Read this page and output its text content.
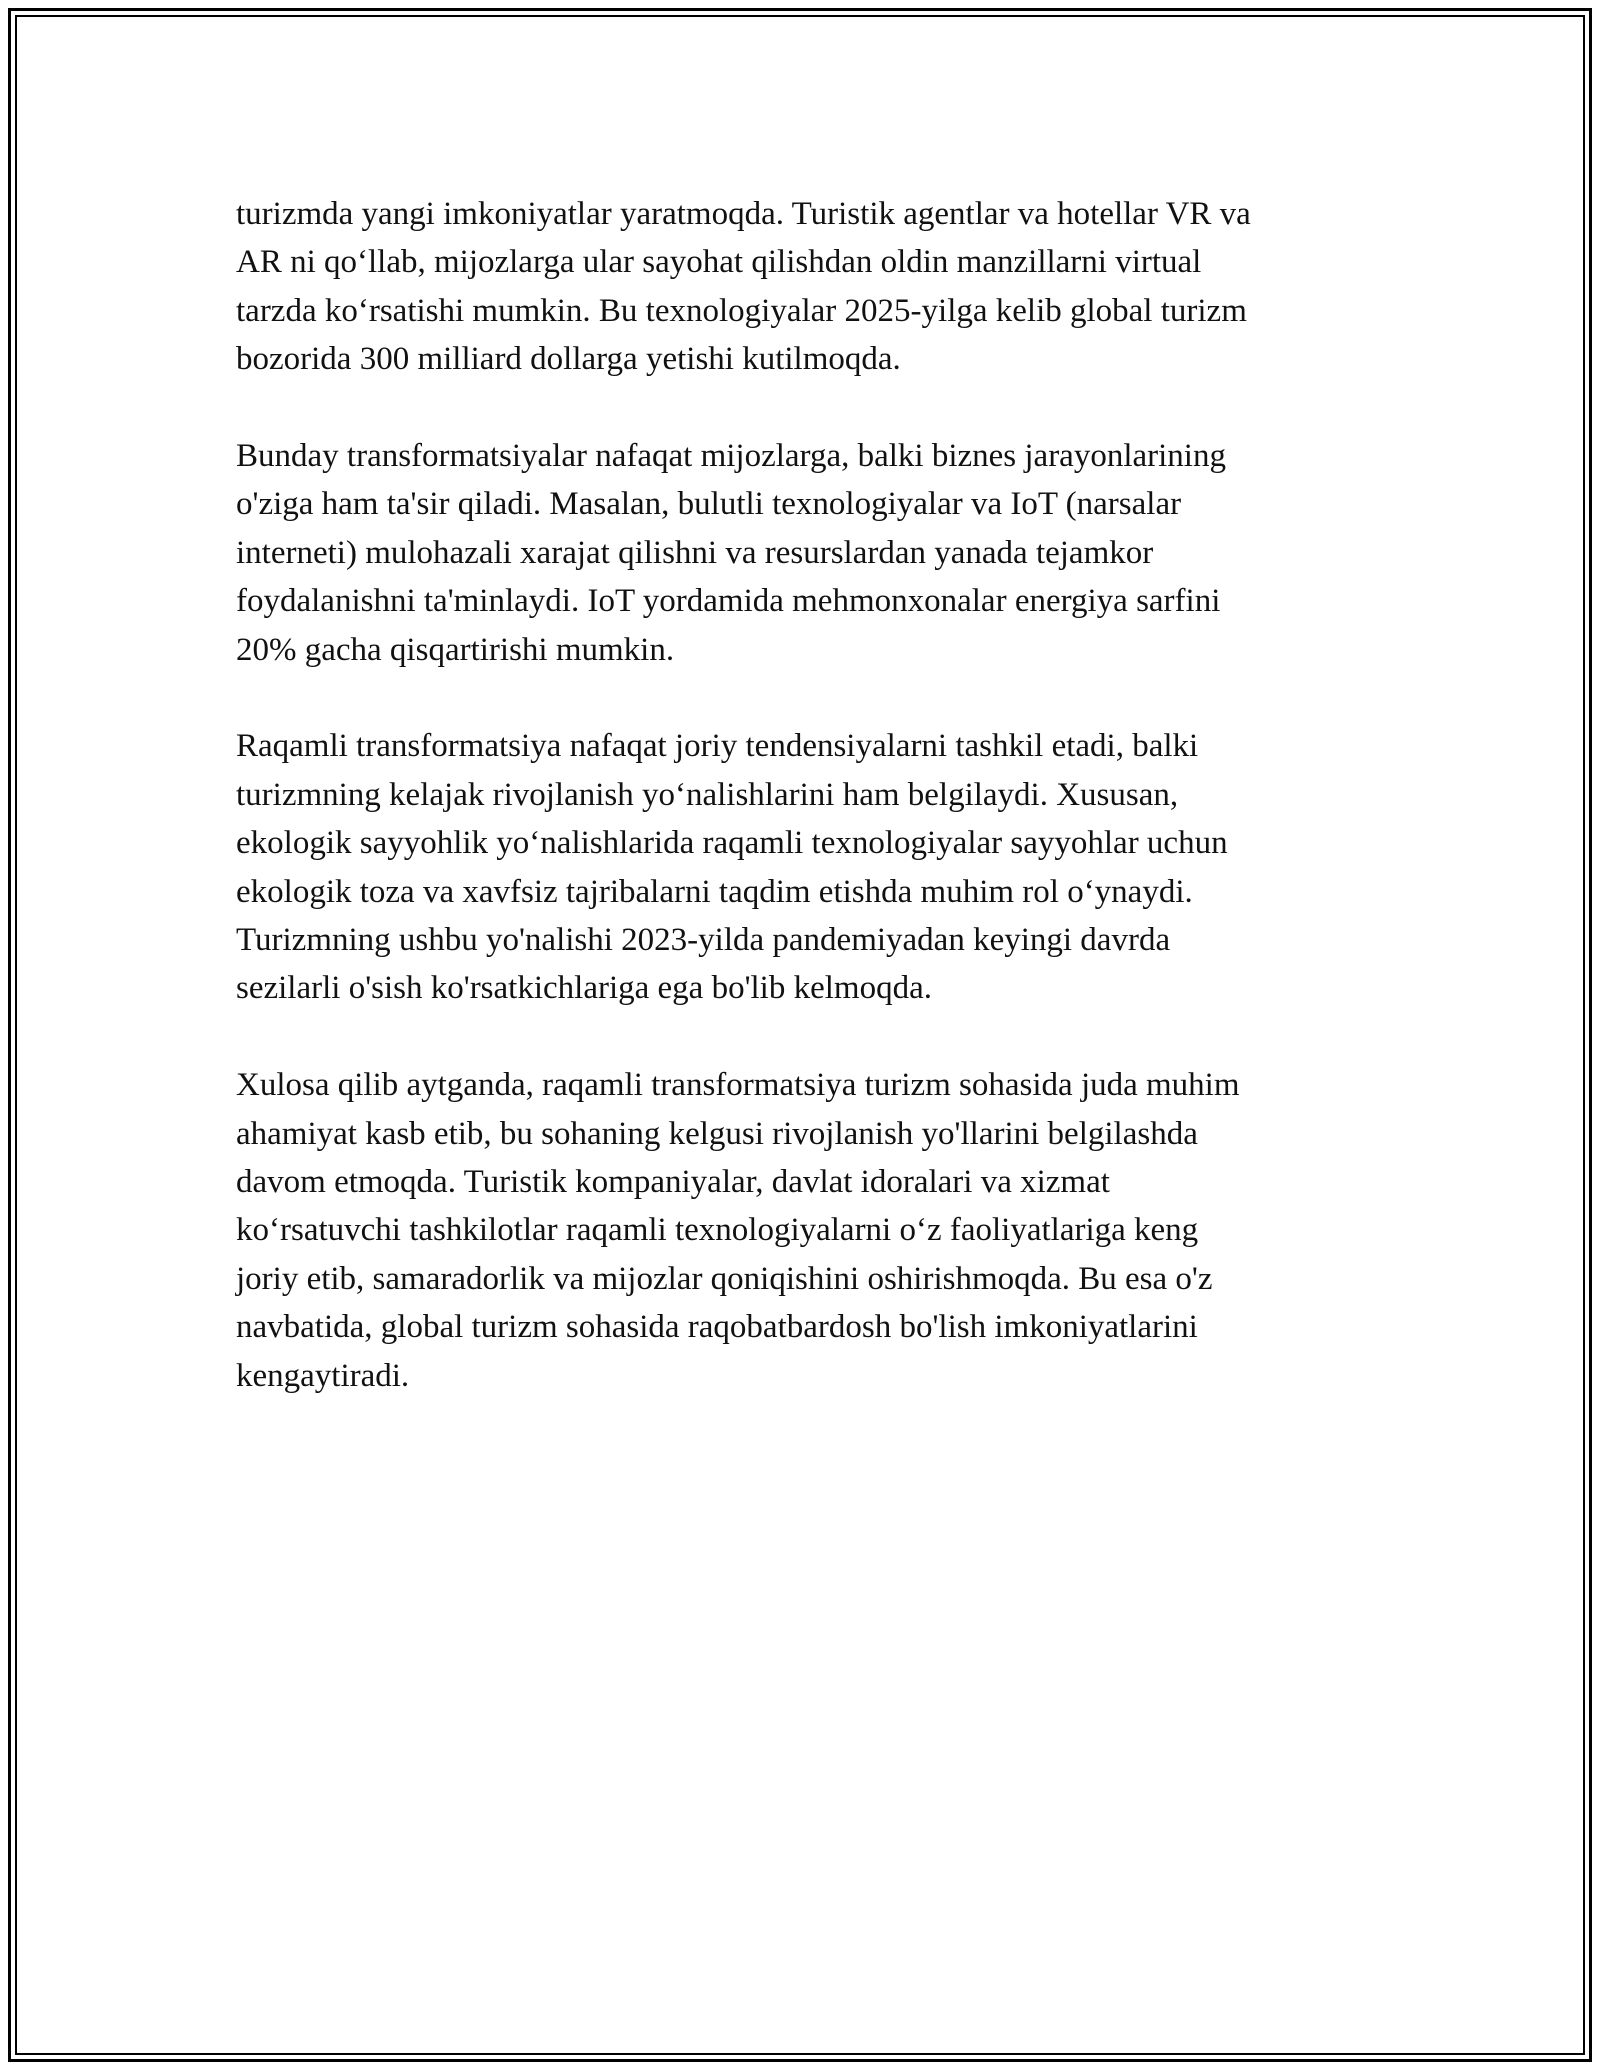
turizmda yangi imkoniyatlar yaratmoqda. Turistik agentlar va hotellar VR va
AR ni qo‘llab, mijozlarga ular sayohat qilishdan oldin manzillarni virtual
tarzda ko‘rsatishi mumkin. Bu texnologiyalar 2025-yilga kelib global turizm
bozorida 300 milliard dollarga yetishi kutilmoqda.

Bunday transformatsiyalar nafaqat mijozlarga, balki biznes jarayonlarining
o'ziga ham ta'sir qiladi. Masalan, bulutli texnologiyalar va IoT (narsalar
interneti) mulohazali xarajat qilishni va resurslardan yanada tejamkor
foydalanishni ta'minlaydi. IoT yordamida mehmonxonalar energiya sarfini
20% gacha qisqartirishi mumkin.

Raqamli transformatsiya nafaqat joriy tendensiyalarni tashkil etadi, balki
turizmning kelajak rivojlanish yo‘nalishlarini ham belgilaydi. Xususan,
ekologik sayyohlik yo‘nalishlarida raqamli texnologiyalar sayyohlar uchun
ekologik toza va xavfsiz tajribalarni taqdim etishda muhim rol o‘ynaydi.
Turizmning ushbu yo'nalishi 2023-yilda pandemiyadan keyingi davrda
sezilarli o'sish ko'rsatkichlariga ega bo'lib kelmoqda.

Xulosa qilib aytganda, raqamli transformatsiya turizm sohasida juda muhim
ahamiyat kasb etib, bu sohaning kelgusi rivojlanish yo'llarini belgilashda
davom etmoqda. Turistik kompaniyalar, davlat idoralari va xizmat
ko‘rsatuvchi tashkilotlar raqamli texnologiyalarni o‘z faoliyatlariga keng
joriy etib, samaradorlik va mijozlar qoniqishini oshirishmoqda. Bu esa o'z
navbatida, global turizm sohasida raqobatbardosh bo'lish imkoniyatlarini
kengaytiradi.
